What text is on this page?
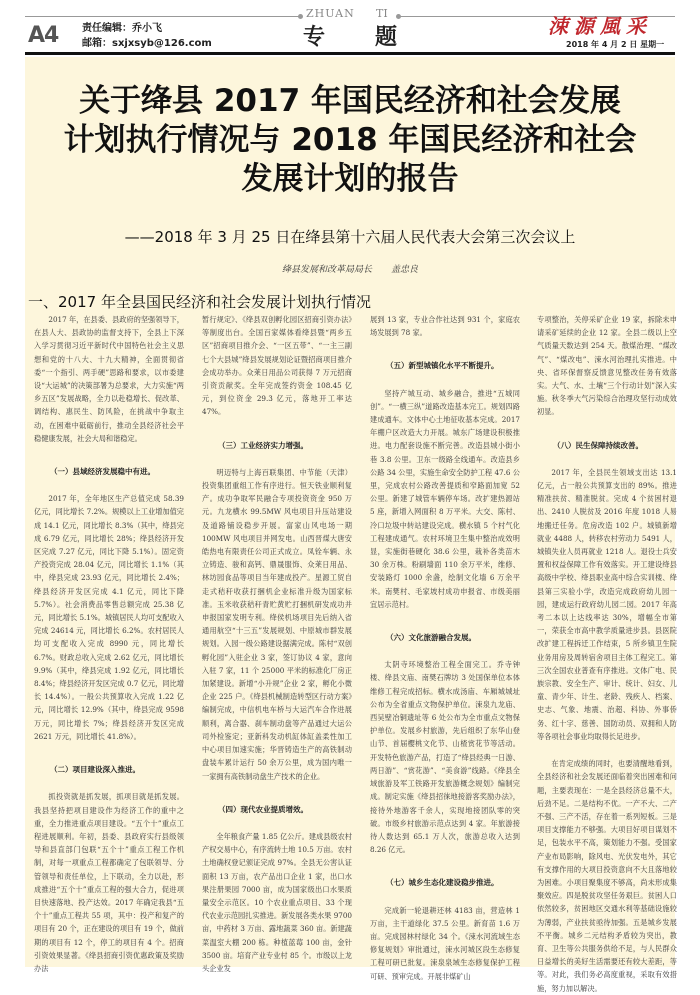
A4	责任编辑：乔小飞
邮箱：sxjxsyb@126.com
ZHUAN TI
专 题	涑源風采
2018 年 4 月 2 日 星期一
关于绛县 2017 年国民经济和社会发展
计划执行情况与 2018 年国民经济和社会
发展计划的报告
——2018 年 3 月 25 日在绛县第十六届人民代表大会第三次会议上
绛县发展和改革局局长 盖忠良
一、2017 年全县国民经济和社会发展计划执行情况

2017 年，在县委、县政府的坚强领导下，在县人大、县政协的监督支持下，全县上下深入学习贯彻习近平新时代中国特色社会主义思想和党的十八大、十九大精神，全面贯彻省委“一个指引、两手硬”思路和要求，以市委建设“大运城”的决策部署为总要求，大力实施“两乡五区”发展战略，全力以赴稳增长、促改革、调结构、惠民生、防风险，在挑战中争取主动，在困难中砥砺前行，推动全县经济社会平稳健康发展，社会大局和谐稳定。

（一）县域经济发展稳中有进。

2017 年，全年地区生产总值完成 58.39 亿元，同比增长 7.2%。规模以上工业增加值完成 14.1 亿元，同比增长 8.3%（其中，绛县完成 6.79 亿元，同比增长 28%；绛县经济开发区完成 7.27 亿元，同比下降 5.1%）。固定资产投资完成 28.04 亿元，同比增长 1.1%（其中，绛县完成 23.93 亿元，同比增长 2.4%；绛县经济开发区完成 4.1 亿元，同比下降 5.7%）。社会消费品零售总额完成 25.38 亿元，同比增长 5.1%。城镇居民人均可支配收入完成 24614 元，同比增长 6.2%。农村居民人均可支配收入完成 8990 元，同比增长 6.7%。财政总收入完成 2.62 亿元，同比增长 9.9%（其中，绛县完成 1.92 亿元，同比增长 8.4%；绛县经济开发区完成 0.7 亿元，同比增长 14.4%）。一般公共预算收入完成 1.22 亿元，同比增长 12.9%（其中，绛县完成 9598 万元，同比增长 7%；绛县经济开发区完成 2621 万元，同比增长 41.8%）。

（二）项目建设深入推进。

抓投资就是抓发展，抓项目就是抓发展。我县坚持把项目建设作为经济工作的重中之重，全力推进重点项目建设。“五个十”重点工程进展顺利。年初，县委、县政府实行县级领导和县直部门包联“五个十”重点工程工作机制，对每一项重点工程都确定了包联领导、分管领导和责任单位，上下联动，全力以赴，形成推进“五个十”重点工程的强大合力，促进项目快速落地、投产达效。2017 年确定我县“五个十”重点工程共 55 项，其中：投产和复产的项目有 20 个，正在建设的项目有 19 个，做前期的项目有 12 个，停工的项目有 4 个。招商引资效果显著。《绛县招商引资优惠政策及奖励办法

暂行规定》、《绛县双创孵化园区招商引资办法》等制度出台。全国百家媒体看绛县暨“两乡五区”招商项目推介会、“一区五带”、“一主三副七个大县城”绛县发展规划论证暨招商项目推介会成功举办。众莱日用品公司获得 7 万元招商引资贡献奖。全年完成签约资金 108.45 亿元，到位资金 29.3 亿元，落地开工率达 47%。

（三）工业经济实力增强。

明迈特与上海百联集团、中节能（天津）投资集团重组工作有序进行。恒天铁业顺利复产。成功争取军民融合专项投资资金 950 万元。九龙横水 99.5MW 风电项目升压站建设及道路铺设稳步开展。富家山风电场一期 100MW 风电项目并网发电。山西晋煤大唐安皓热电有限责任公司正式成立。凤铨车辆、永立铸造、骏和高钙、鼎晟服饰、众莱日用品、林坊园食品等项目当年建成投产。星源工贸自走式秸秆收获打捆机企业标准升级为国家标准。玉米收获秸秆青贮黄贮打捆机研发成功并申报国家发明专利。绛侯机场项目先后纳入省通用航空“十三五”发展规划、中原城市群发展规划。入园一级公路建设据满完成。陈村“双创孵化园”入驻企业 3 家，签订协议 4 家，意向入驻 7 家，11 个 25000 平米的标准化厂房正加紧建设。新增“小升规”企业 2 家，孵化小微企业 225 户。《绛县机械制造转型区行动方案》编制完成，中信机电车桥与大运汽车合作进展顺利，离合器、刹车制动盘等产品通过大运公司外检鉴定；亚新科发动机缸体缸盖柔性加工中心项目加速实施；华晋铸造生产的高铁制动盘装车累计运行 50 余万公里，成为国内唯一一家拥有高铁制动盘生产技术的企业。

（四）现代农业提质增效。

全年粮食产量 1.85 亿公斤。建成县级农村产权交易中心，有序流转土地 10.5 万亩。农村土地确权登记颁证完成 97%。全县无公害认证面积 13 万亩，农产品出口企业 1 家，出口水果注册果园 7000 亩，成为国家级出口水果质量安全示范区。10 个农业重点项目、33 个现代农业示范园扎实推进。新发展各类水果 9700 亩，中药材 3 万亩、露地蔬菜 360 亩。新建蔬菜温室大棚 200 栋。种植蓝莓 100 亩，金针 3500 亩。培育产业专业村 85 个。市级以上龙头企业发

展到 13 家，专业合作社达到 931 个，家庭农场发展到 78 家。

（五）新型城镇化水平不断提升。

坚持产城互动、城乡融合，推进“五城同创”。“一横三纵”道路改造基本完工。规划四路建成通车。文体中心土地征收基本完成。2017 年棚户区改造大力开展。城东广场建设积极推进。电力配套设施不断完善。改造县城小街小巷 3.8 公里。卫东一级路全线通车。改造县乡公路 34 公里，实施生命安全防护工程 47.6 公里，完成农村公路改善提质和窄路面加宽 52 公里。新建了城管车辆停车场。改扩建热源站 5 座，新增入网面积 8 万平米。大交、陈村、冷口垃圾中转站建设完成。横水镇 5 个村气化工程建成通气。农村环境卫生集中整治成效明显，实施街巷硬化 38.6 公里，栽补各类苗木 30 余万株。粉刷墙面 110 余万平米，维修、安装路灯 1000 余盏，绘制文化墙 6 万余平米。南樊村、毛家坡村成功申报省、市级美丽宜居示范村。

（六）文化旅游融合发展。

太阴寺环境整治工程全面完工。乔寺钟楼、绛县文庙、南樊石牌坊 3 处国保单位本体维修工程完成招标。横水成汤庙、车厢城城址公布为全省重点文物保护单位。涑泉九龙庙、西吴壁冶铜遗址等 6 处公布为全市重点文物保护单位。发展乡村旅游，先后组织了东华山登山节、首届樱桃文化节、山楂赏花节等活动。开发特色旅游产品，打造了“绛县经典一日游、两日游”、“赏花游”、“美食游”线路。《绛县全域旅游及军工铁路开发旅游概念规划》编制完成。制定实施《绛县招徕地接游客奖励办法》，接待外地游客千余人，实现地接团队零的突破。市级乡村旅游示范点达到 4 家。年旅游接待人数达到 65.1 万人次，旅游总收入达到 8.26 亿元。

（七）城乡生态化建设稳步推进。

完成新一轮退耕还林 4183 亩，营造林 1 万亩，主干道绿化 37.5 公里。新育苗 1.6 万亩。完成园林村绿化 34 个。《涑水河流域生态修复规划》审批通过，涑水河城区段生态修复工程可研已批复。涑泉泉域生态修复保护工程可研、预审完成。开展非煤矿山

专项整治，关停采矿企业 19 家，拆除未申请采矿延续的企业 12 家。全县二级以上空气质量天数达到 254 天。散煤治理、“煤改气”、“煤改电”、涑水河治理扎实推进。中央、省环保督察反馈意见整改任务有效落实。大气、水、土壤“三个行动计划”深入实施。秋冬季大气污染综合治理攻坚行动成效初显。

（八）民生保障持续改善。

2017 年，全县民生领域支出达 13.1 亿元，占一般公共预算支出的 89%。推进精准扶贫、精准脱贫。完成 4 个贫困村退出、2410 人脱贫及 2016 年度 1018 人易地搬迁任务。危房改造 102 户。城镇新增就业 4488 人，转移农村劳动力 5491 人，城镇失业人员再就业 1218 人。退役士兵安置和权益保障工作有效落实。开工建设绛县高级中学校、绛县职业高中综合实训楼、绛县第三实验小学，改造完成政府幼儿园一园，建成运行政府幼儿园二园。2017 年高考二本以上达线率达 30%，增幅全市第一，荣获全市高中教学质量进步县。县医院改扩建工程拆迁工作结束，5 所乡镇卫生院业务用房及周转宿舍项目主体工程完工。第三次全国农业普查有序推进。文体广电、民族宗教、安全生产、审计、统计、妇女、儿童、青少年、计生、老龄、残疾人、档案、史志、气象、地震、治超、科协、外事侨务、红十字、慈善、国防动员、双拥和人防等各项社会事业均取得长足进步。

在肯定成绩的同时，也要清醒地看到，全县经济和社会发展还面临着突出困难和问题，主要表现在：一是全县经济总量不大，后劲不足。二是结构不优。一产不大、二产不强、三产不活，存在着一系列短板。三是项目支撑能力不够强。大项目好项目谋划不足，包装水平不高，策划能力不强。受国家产业布局影响，除风电、光伏发电外，其它有支撑作用的大项目投资意向不大且落地较为困难。小项目聚集度不够高，尚未形成集聚效应。四是脱贫攻坚任务艰巨。贫困人口依然较多，贫困地区交通水利等基础设施较为薄弱，产业扶贫亟待加强。五是城乡发展不平衡。城乡二元结构矛盾较为突出，教育、卫生等公共服务供给不足，与人民群众日益增长的美好生活需要还有较大差距，等等。对此，我们务必高度重视，采取有效措施，努力加以解决。
